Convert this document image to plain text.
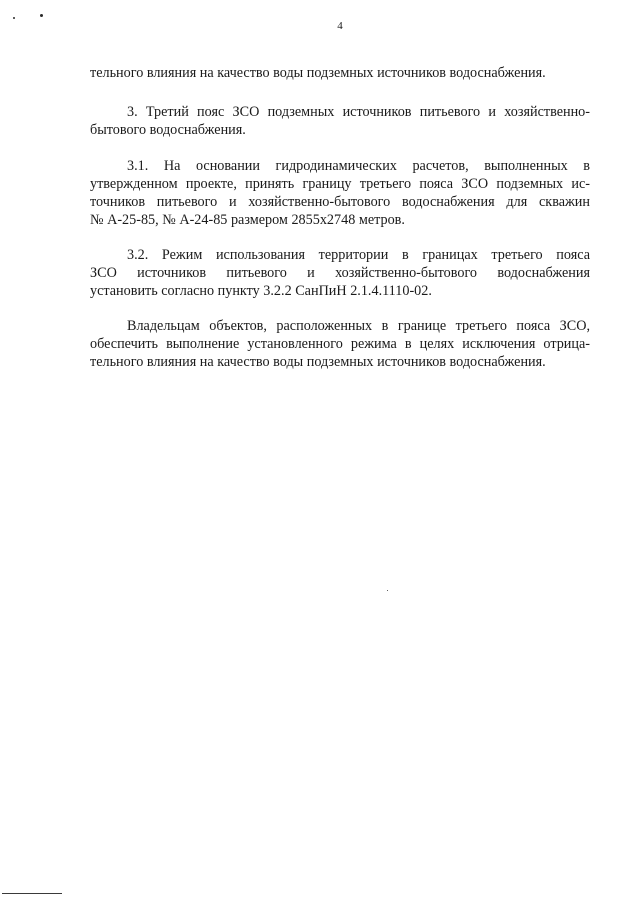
4

тельного влияния на качество воды подземных источников водоснабжения.

3. Третий пояс ЗСО подземных источников питьевого и хозяйственно-
бытового водоснабжения.

3.1. На основании гидродинамических расчетов, выполненных в
утвержденном проекте, принять границу третьего пояса ЗСО подземных ис-
точников питьевого и хозяйственно-бытового водоснабжения для скважин
№ А-25-85, № А-24-85 размером 2855х2748 метров.

3.2. Режим использования территории в границах третьего пояса
ЗСО источников питьевого и хозяйственно-бытового водоснабжения
установить согласно пункту 3.2.2 СанПиН 2.1.4.1110-02.

Владельцам объектов, расположенных в границе третьего пояса ЗСО,
обеспечить выполнение установленного режима в целях исключения отрица-
тельного влияния на качество воды подземных источников водоснабжения.
